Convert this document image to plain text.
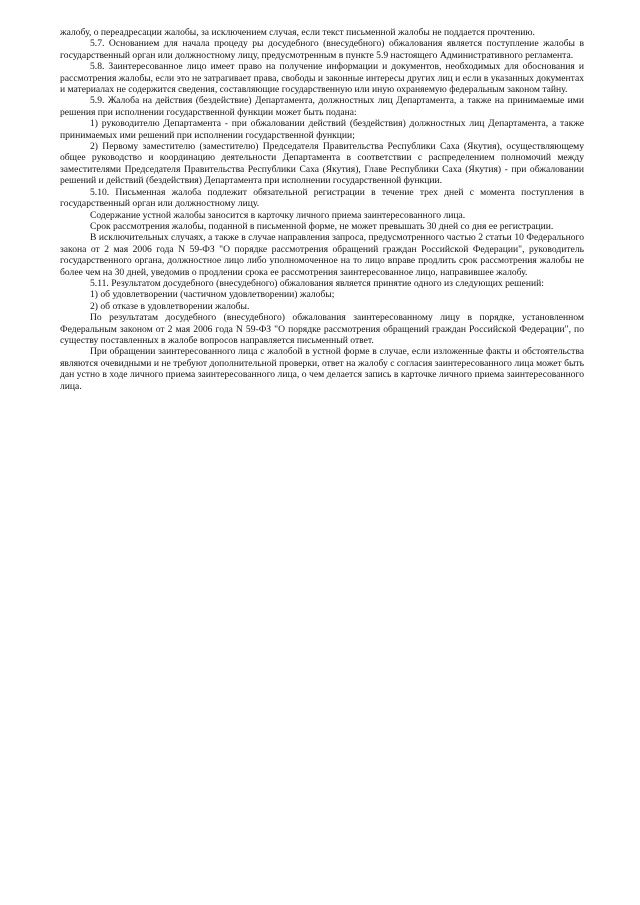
жалобу, о переадресации жалобы, за исключением случая, если текст письменной жалобы не поддается прочтению.

5.7. Основанием для начала процеду ры досудебного (внесудебного) обжалования является поступление жалобы в государственный орган или должностному лицу, предусмотренным в пункте 5.9 настоящего Административного регламента.

5.8. Заинтересованное лицо имеет право на получение информации и документов, необходимых для обоснования и рассмотрения жалобы, если это не затрагивает права, свободы и законные интересы других лиц и если в указанных документах и материалах не содержится сведения, составляющие государственную или иную охраняемую федеральным законом тайну.

5.9. Жалоба на действия (бездействие) Департамента, должностных лиц Департамента, а также на принимаемые ими решения при исполнении государственной функции может быть подана:

1) руководителю Департамента - при обжаловании действий (бездействия) должностных лиц Департамента, а также принимаемых ими решений при исполнении государственной функции;

2) Первому заместителю (заместителю) Председателя Правительства Республики Саха (Якутия), осуществляющему общее руководство и координацию деятельности Департамента в соответствии с распределением полномочий между заместителями Председателя Правительства Республики Саха (Якутия), Главе Республики Саха (Якутия) - при обжаловании решений и действий (бездействия) Департамента при исполнении государственной функции.

5.10. Письменная жалоба подлежит обязательной регистрации в течение трех дней с момента поступления в государственный орган или должностному лицу.

Содержание устной жалобы заносится в карточку личного приема заинтересованного лица.

Срок рассмотрения жалобы, поданной в письменной форме, не может превышать 30 дней со дня ее регистрации.

В исключительных случаях, а также в случае направления запроса, предусмотренного частью 2 статьи 10 Федерального закона от 2 мая 2006 года N 59-ФЗ "О порядке рассмотрения обращений граждан Российской Федерации", руководитель государственного органа, должностное лицо либо уполномоченное на то лицо вправе продлить срок рассмотрения жалобы не более чем на 30 дней, уведомив о продлении срока ее рассмотрения заинтересованное лицо, направившее жалобу.

5.11. Результатом досудебного (внесудебного) обжалования является принятие одного из следующих решений:

1) об удовлетворении (частичном удовлетворении) жалобы;

2) об отказе в удовлетворении жалобы.

По результатам досудебного (внесудебного) обжалования заинтересованному лицу в порядке, установленном Федеральным законом от 2 мая 2006 года N 59-ФЗ "О порядке рассмотрения обращений граждан Российской Федерации", по существу поставленных в жалобе вопросов направляется письменный ответ.

При обращении заинтересованного лица с жалобой в устной форме в случае, если изложенные факты и обстоятельства являются очевидными и не требуют дополнительной проверки, ответ на жалобу с согласия заинтересованного лица может быть дан устно в ходе личного приема заинтересованного лица, о чем делается запись в карточке личного приема заинтересованного лица.
